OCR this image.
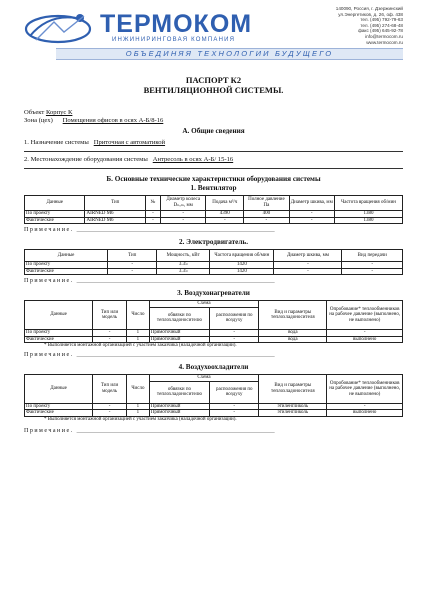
ТЕРМОКОМ
ИНЖИНИРИНГОВАЯ КОМПАНИЯ
140090, Россия, г. Дзержинский
ул.Энергетиков, д. 26, оф. 438
тел. (495) 792-79-63
тел. (495) 274-68-48
факс (495) 645-92-78
info@termocom.ru
www.termocom.ru
ОБЪЕДИНЯЯ ТЕХНОЛОГИИ БУДУЩЕГО
ПАСПОРТ К2
ВЕНТИЛЯЦИОННОЙ СИСТЕМЫ.
Объект Корпус К
Зона (цех) Помещения офисов в осях А-Б/8-16
А. Общие сведения
1. Назначение системы Приточная с автоматикой
2. Местонахождение оборудования системы Антресоль в осях А-Б/ 15-16
Б. Основные технические характеристики оборудования системы
1. Вентилятор
Данные	Тип	№	Диаметр колеса Dₙₒₘ, мм	Подача м³/ч	Полное давление Па	Диаметр шкива, мм	Частота вращения об/мин
По проекту	AIRNED M6	-	-	4390	400	-	1380
Фактические	AIRNED M6	-	-	-	-	-	1380
Примечание. __________________________________________________________________
2. Электродвигатель.
Данные	Тип	Мощность, кВт	Частота вращения об/мин	Диаметр шкива, мм	Вид передачи
По проекту	-	3.35	1420	-	-
Фактические	-	3.35	1420	-	-
Примечание. __________________________________________________________________
3. Воздухонагреватели
Данные	Тип или модель	Число	Схема		Вид и параметры теплохладоносителя	Опробование* теплообменников на рабочее давление (выполнено, не выполнено)
			обвязки по теплохладоносителю	расположения по воздуху		
По проекту	-	1	Прямоточный	-	вода	-
Фактические	-	1	Прямоточный	-	вода	выполнено
* Выполняется монтажной организацией с участием заказчика (наладочной организации).
Примечание. __________________________________________________________________
4. Воздухоохладители
Данные	Тип или модель	Число	Схема		Вид и параметры теплохладоносителя	Опробование* теплообменников на рабочее давление (выполнено, не выполнено)
			обвязки по теплохладоносителю	расположения по воздуху		
По проекту	-	1	Прямоточный	-	этиленгликоль	-
Фактические	-	1	Прямоточный	-	этиленгликоль	выполнено
* Выполняется монтажной организацией с участием заказчика (наладочной организации).
Примечание. __________________________________________________________________
